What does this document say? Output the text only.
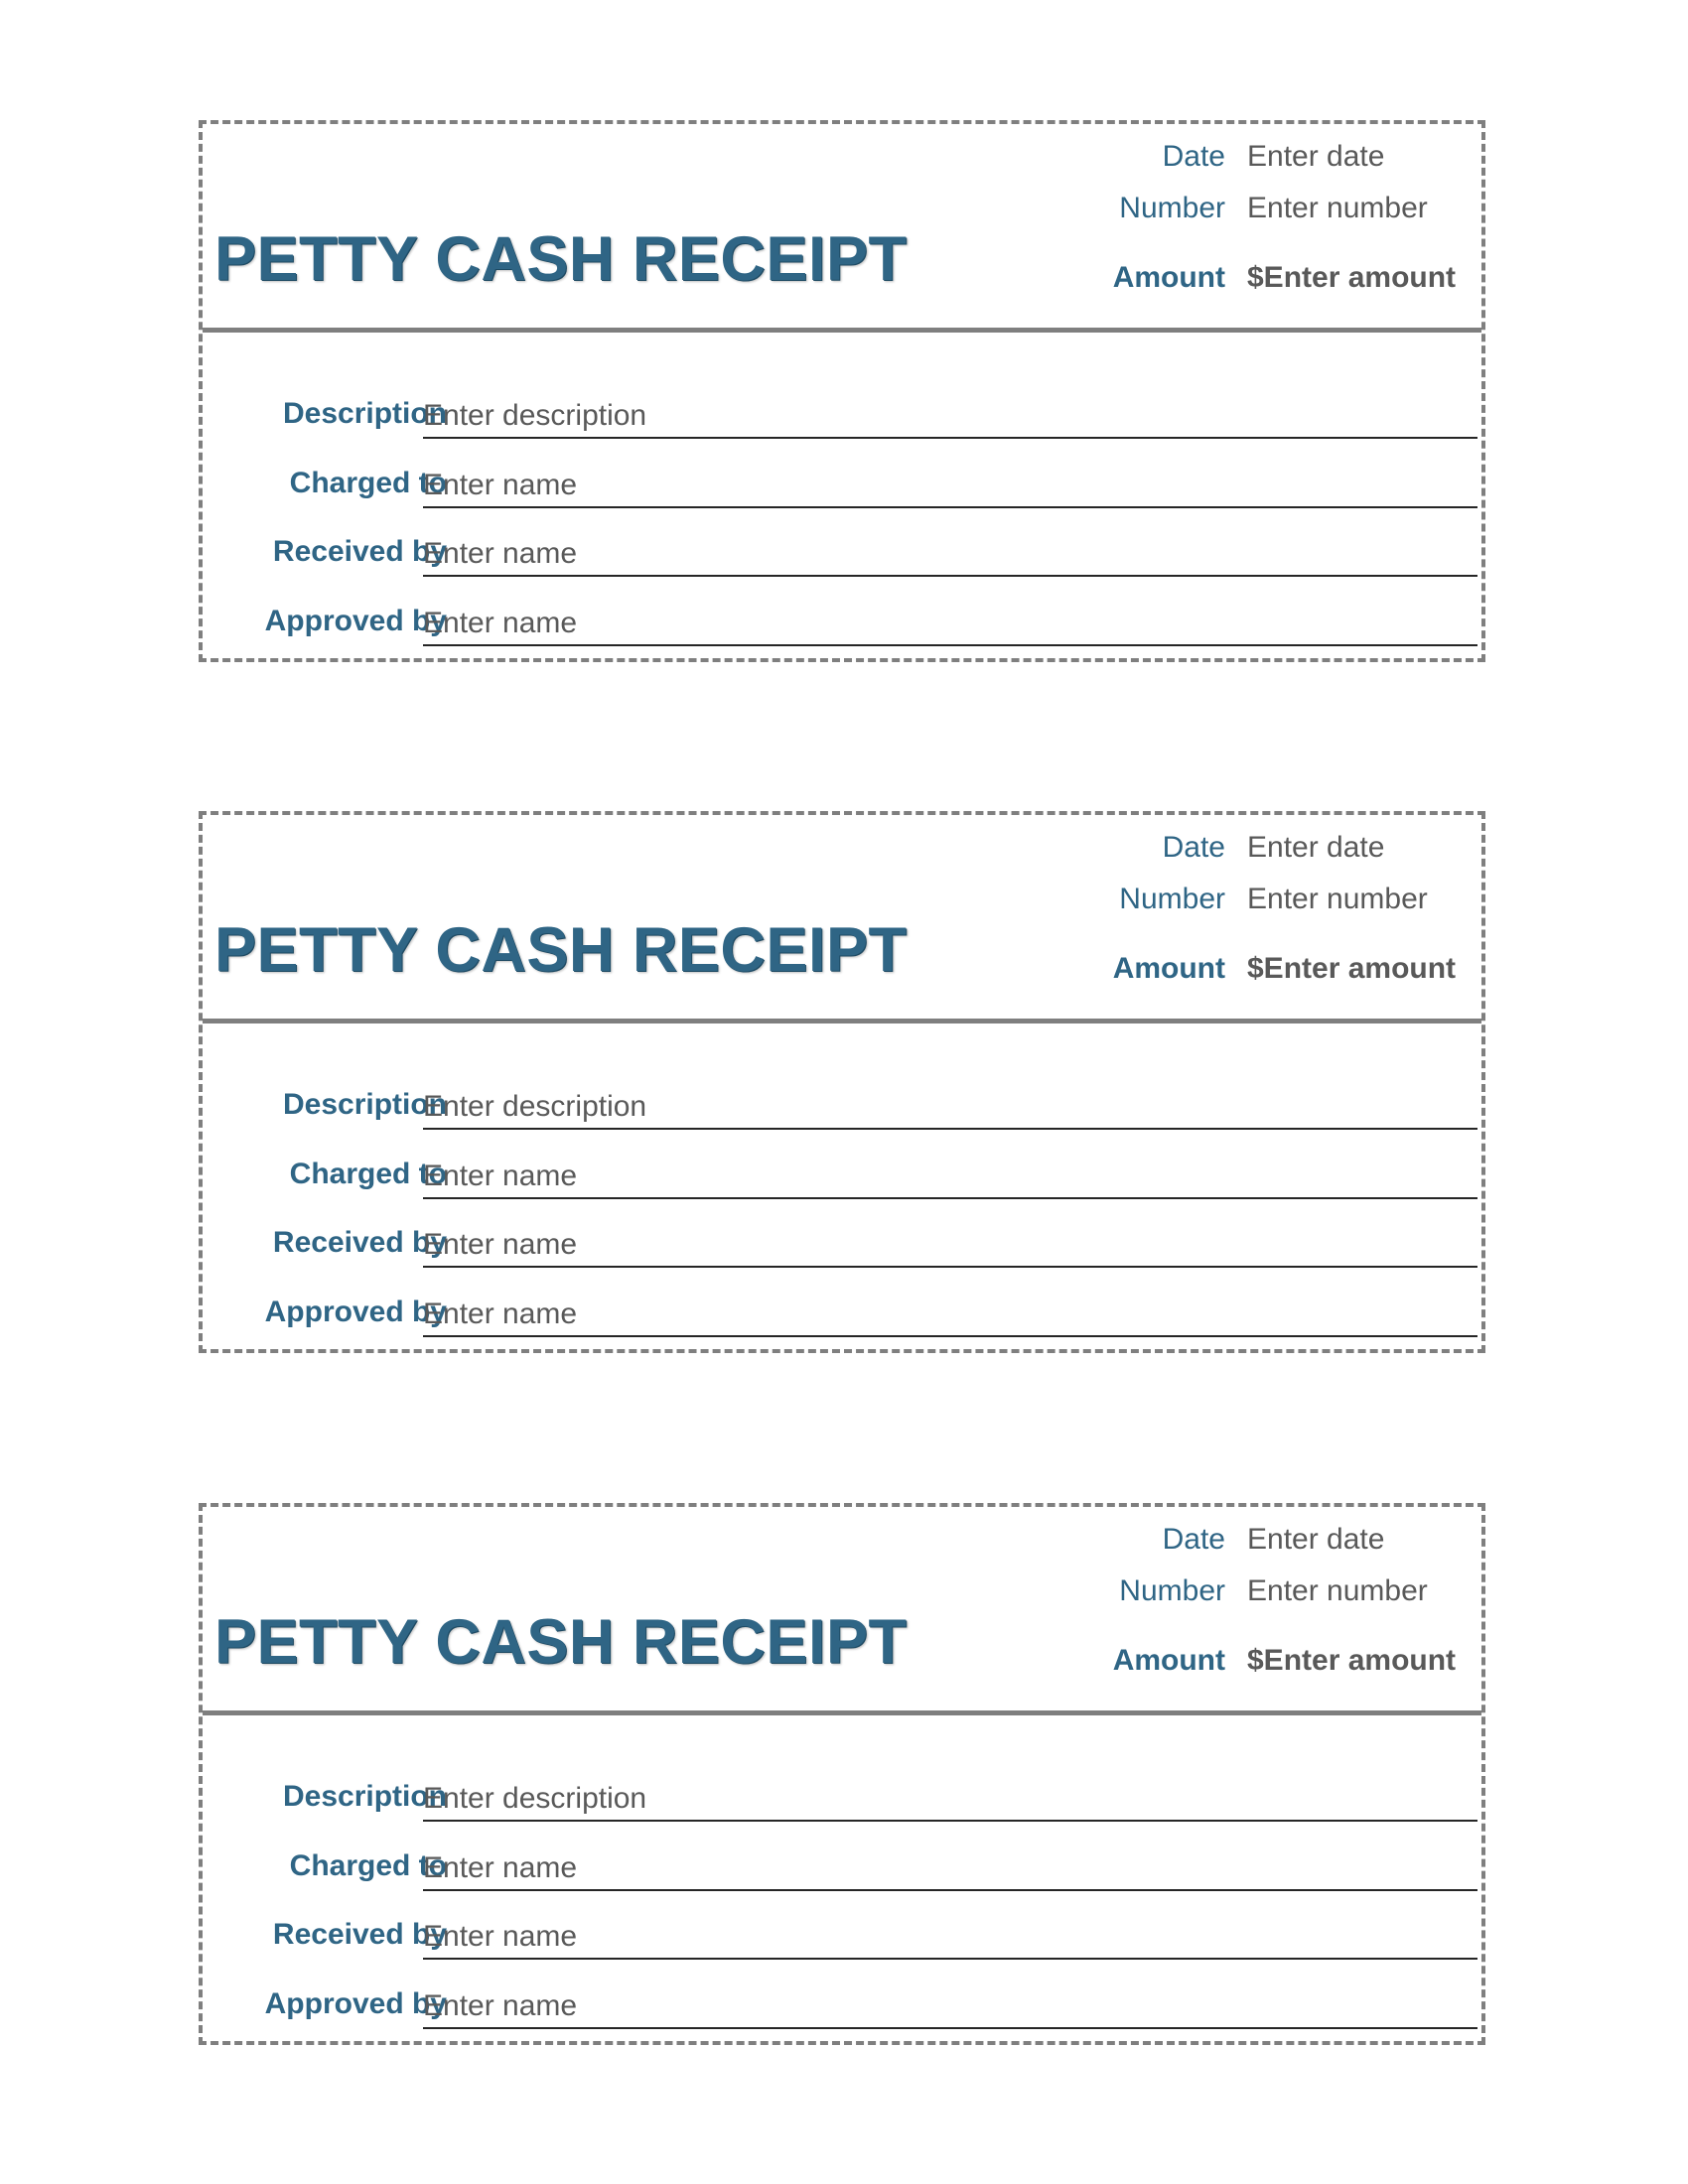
Date Enter date
Number Enter number
PETTY CASH RECEIPT	Amount $Enter amount
Description
Enter description
Charged to
Enter name
Received by
Enter name
Approved by
Enter name
Date Enter date
Number Enter number
PETTY CASH RECEIPT	Amount $Enter amount
Description
Enter description
Charged to
Enter name
Received by
Enter name
Approved by
Enter name
Date Enter date
Number Enter number
PETTY CASH RECEIPT	Amount $Enter amount
Description
Enter description
Charged to
Enter name
Received by
Enter name
Approved by
Enter name
